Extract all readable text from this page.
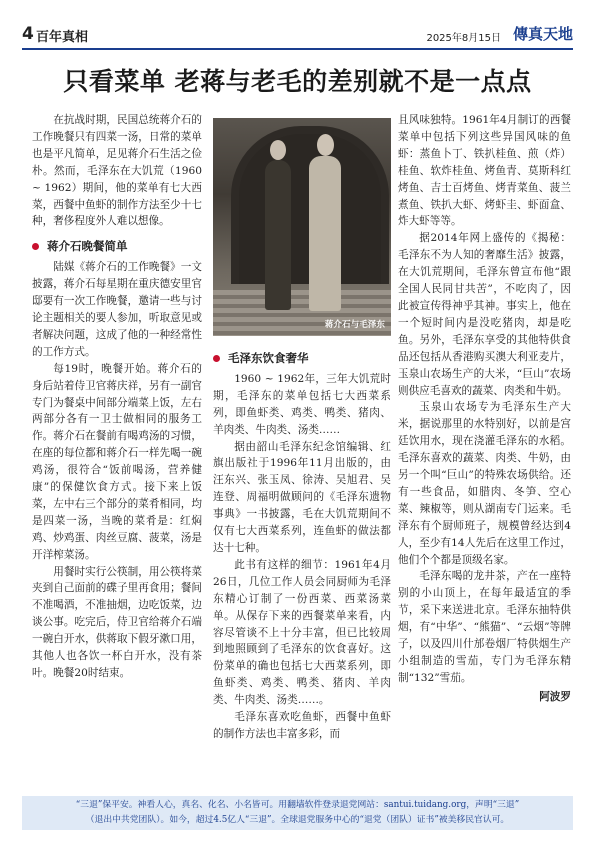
4 百年真相	2025年8月15日 傳真天地
只看菜单 老蒋与老毛的差别就不是一点点

在抗战时期，民国总统蒋介石的工作晚餐只有四菜一汤，日常的菜单也是平凡简单，足见蒋介石生活之俭朴。然而，毛泽东在大饥荒（1960 ~ 1962）期间，他的菜单有七大西菜，西餐中鱼虾的制作方法至少十七种，奢侈程度外人难以想像。

蒋介石晚餐简单

陆媒《蒋介石的工作晚餐》一文披露，蒋介石每星期在重庆德安里官邸要有一次工作晚餐，邀请一些与讨论主题相关的要人参加，听取意见或者解决问题，这成了他的一种经常性的工作方式。

每19时，晚餐开始。蒋介石的身后站着侍卫官蒋庆祥，另有一副官专门为餐桌中间部分端菜上饭，左右两部分各有一卫士做相同的服务工作。蒋介石在餐前有喝鸡汤的习惯，在座的每位都和蒋介石一样先喝一碗鸡汤，很符合“饭前喝汤，营养健康”的保健饮食方式。接下来上饭菜，左中右三个部分的菜肴相同，均是四菜一汤，当晚的菜肴是：红焖鸡、炒鸡蛋、肉丝豆腐、菠菜，汤是开洋榨菜汤。

用餐时实行公筷制，用公筷将菜夹到自己面前的碟子里再食用；餐间不准喝酒，不准抽烟，边吃饭菜，边谈公事。吃完后，侍卫官给蒋介石端一碗白开水，供蒋取下假牙漱口用，其他人也各饮一杯白开水，没有茶叶。晚餐20时结束。

蒋介石与毛泽东
毛泽东饮食奢华

1960 ~ 1962年，三年大饥荒时期，毛泽东的菜单包括七大西菜系列，即鱼虾类、鸡类、鸭类、猪肉、羊肉类、牛肉类、汤类……

据由韶山毛泽东纪念馆编辑、红旗出版社于1996年11月出版的，由汪东兴、张玉凤、徐涛、吴旭君、吴连登、周福明做顾问的《毛泽东遗物事典》一书披露，毛在大饥荒期间不仅有七大西菜系列，连鱼虾的做法都达十七种。

此书有这样的细节：1961年4月26日，几位工作人员会同厨师为毛泽东精心订制了一份西菜、西菜汤菜单。从保存下来的西餐菜单来看，内容尽管谈不上十分丰富，但已比较周到地照顾到了毛泽东的饮食喜好。这份菜单的确也包括七大西菜系列，即鱼虾类、鸡类、鸭类、猪肉、羊肉类、牛肉类、汤类……。

毛泽东喜欢吃鱼虾，西餐中鱼虾的制作方法也丰富多彩，而

且风味独特。1961年4月制订的西餐菜单中包括下列这些异国风味的鱼虾：蒸鱼卜丁、铁扒桂鱼、煎（炸）桂鱼、软炸桂鱼、烤鱼青、莫斯科红烤鱼、吉士百烤鱼、烤青菜鱼、菠兰煮鱼、铁扒大虾、烤虾圭、虾面盒、炸大虾等等。

据2014年网上盛传的《揭秘：毛泽东不为人知的奢靡生活》披露，在大饥荒期间，毛泽东曾宣布他“跟全国人民同甘共苦”，不吃肉了，因此被宣传得神乎其神。事实上，他在一个短时间内是没吃猪肉，却是吃鱼。另外，毛泽东享受的其他特供食品还包括从香港购买澳大利亚麦片，玉泉山农场生产的大米，“巨山”农场则供应毛喜欢的蔬菜、肉类和牛奶。

玉泉山农场专为毛泽东生产大米，据说那里的水特别好，以前是宫廷饮用水，现在浇灌毛泽东的水稻。毛泽东喜欢的蔬菜、肉类、牛奶，由另一个叫“巨山”的特殊农场供给。还有一些食品，如腊肉、冬笋、空心菜、辣椒等，则从湖南专门运来。毛泽东有个厨师班子，规模曾经达到4人，至少有14人先后在这里工作过，他们个个都是顶级名家。

毛泽东喝的龙井茶，产在一座特别的小山顶上，在每年最适宜的季节，采下来送进北京。毛泽东抽特供烟，有“中华”、“熊猫”、“云烟”等牌子，以及四川什邡卷烟厂特供烟生产小组制造的雪茄，专门为毛泽东精制“132”雪茄。

阿波罗
“三退”保平安。神看人心，真名、化名、小名皆可。用翻墙软件登录退党网站：santui.tuidang.org，声明“三退”
（退出中共党团队）。如今，超过4.5亿人“三退”。全球退党服务中心的“退党（团队）证书”被美移民官认可。
